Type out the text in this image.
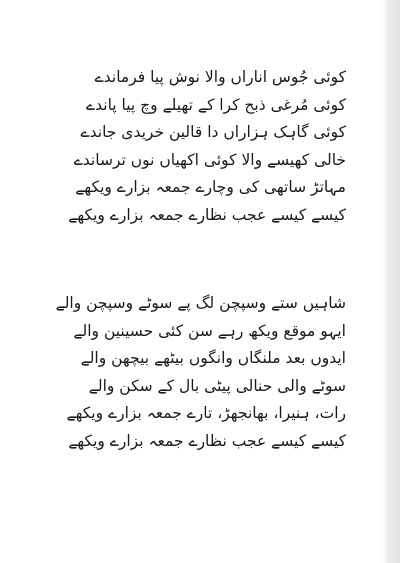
کوئی جُوس اناراں والا نوش پیا فرماندے
کوئی مُرغی ذبح کرا کے تھیلے وچ پیا پاندے
کوئی گاہک ہزاراں دا قالین خریدی جاندے
خالی کھیسے والا کوئی اکھیاں نوں ترساندے
مہاتڑ ساتھی کی وچارے جمعہ بزارے ویکھے
کیسے کیسے عجب نظارے جمعہ بزارے ویکھے
شاہیں ستے وسپچن لگ پے سوٹے وسپچن والے
ایہو موقع ویکھ رہے سن کئی حسینین والے
ایدوں بعد ملنگاں وانگوں بیٹھے بیچھن والے
سوٹے والی حنالی پیٹی بال کے سکن والے
رات، ہنیرا، بھانجھڑ، تارے جمعہ بزارے ویکھے
کیسے کیسے عجب نظارے جمعہ بزارے ویکھے
